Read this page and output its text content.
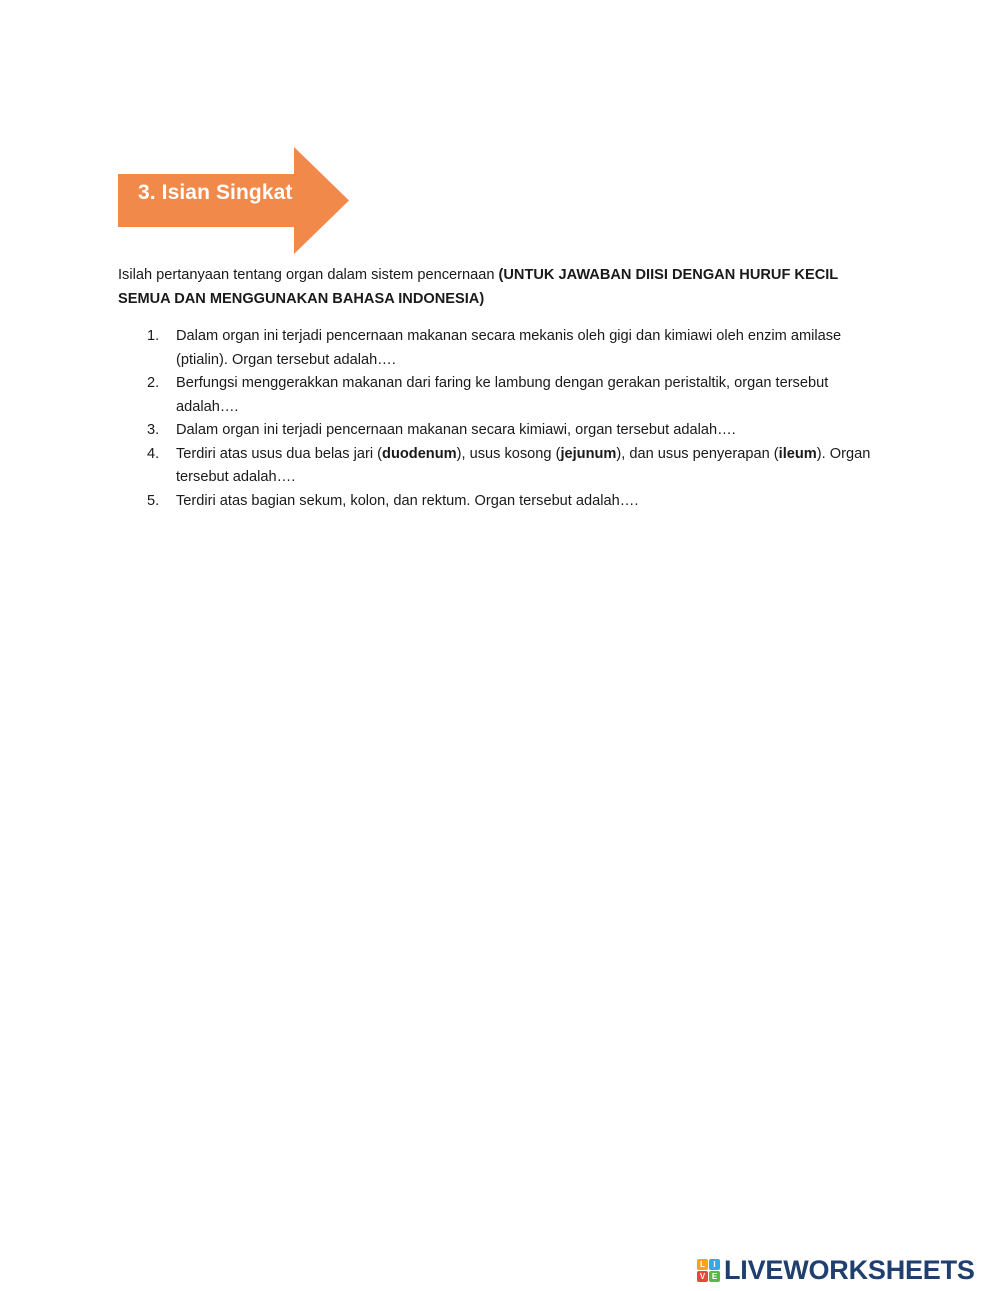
3. Isian Singkat
Isilah pertanyaan tentang organ dalam sistem pencernaan (UNTUK JAWABAN DIISI DENGAN HURUF KECIL SEMUA DAN MENGGUNAKAN BAHASA INDONESIA)
1. Dalam organ ini terjadi pencernaan makanan secara mekanis oleh gigi dan kimiawi oleh enzim amilase (ptialin). Organ tersebut adalah….
2. Berfungsi menggerakkan makanan dari faring ke lambung dengan gerakan peristaltik, organ tersebut adalah….
3. Dalam organ ini terjadi pencernaan makanan secara kimiawi, organ tersebut adalah….
4. Terdiri atas usus dua belas jari (duodenum), usus kosong (jejunum), dan usus penyerapan (ileum). Organ tersebut adalah….
5. Terdiri atas bagian sekum, kolon, dan rektum. Organ tersebut adalah….
L	I
V E LIVEWORKSHEETS
